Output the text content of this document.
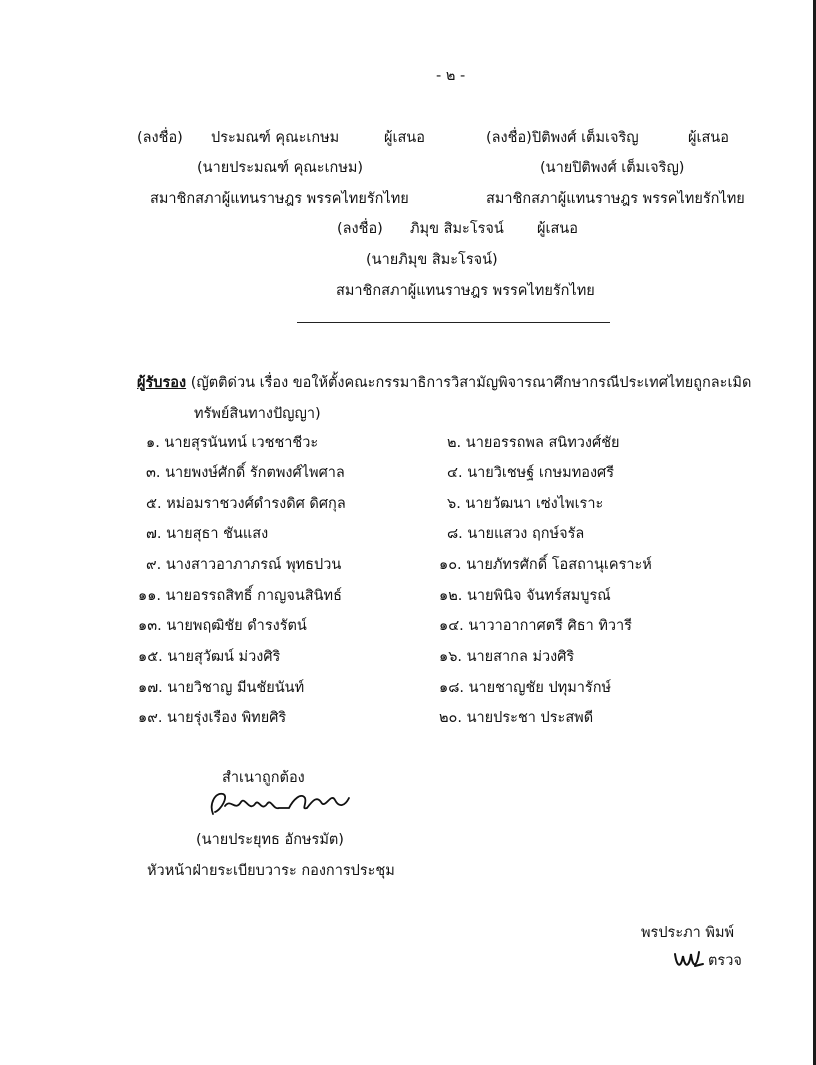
- ๒ -
(ลงชื่อ) ประมณฑ์ คุณะเกษม	ผู้เสนอ
(นายประมณฑ์ คุณะเกษม)
สมาชิกสภาผู้แทนราษฎร พรรคไทยรักไทย
(ลงชื่อ) ปิติพงศ์ เต็มเจริญ	ผู้เสนอ
(นายปิติพงศ์ เต็มเจริญ)
สมาชิกสภาผู้แทนราษฎร พรรคไทยรักไทย
(ลงชื่อ) ภิมุข สิมะโรจน์ ผู้เสนอ
(นายภิมุข สิมะโรจน์)
สมาชิกสภาผู้แทนราษฎร พรรคไทยรักไทย
ผู้รับรอง (ญัตติด่วน เรื่อง ขอให้ตั้งคณะกรรมาธิการวิสามัญพิจารณาศึกษากรณีประเทศไทยถูกละเมิด
ทรัพย์สินทางปัญญา)
๑. นายสุรนันทน์ เวชชาชีวะ	๒. นายอรรถพล สนิทวงศ์ชัย
๓. นายพงษ์ศักดิ์ รักตพงศ์ไพศาล	๔. นายวิเชษฐ์ เกษมทองศรี
๕. หม่อมราชวงศ์ดำรงดิศ ดิศกุล	๖. นายวัฒนา เซ่งไพเราะ
๗. นายสุธา ชันแสง	๘. นายแสวง ฤกษ์จรัล
๙. นางสาวอาภาภรณ์ พุทธปวน	๑๐. นายภัทรศักดิ์ โอสถานุเคราะห์
๑๑. นายอรรถสิทธิ์ กาญจนสินิทธ์	๑๒. นายพินิจ จันทร์สมบูรณ์
๑๓. นายพฤฒิชัย ดำรงรัตน์	๑๔. นาวาอากาศตรี ศิธา ทิวารี
๑๕. นายสุวัฒน์ ม่วงศิริ	๑๖. นายสากล ม่วงศิริ
๑๗. นายวิชาญ มีนชัยนันท์	๑๘. นายชาญชัย ปทุมารักษ์
๑๙. นายรุ่งเรือง พิทยศิริ	๒๐. นายประชา ประสพดี
สำเนาถูกต้อง
(นายประยุทธ อักษรมัต)
หัวหน้าฝ่ายระเบียบวาระ กองการประชุม
พรประภา พิมพ์
ตรวจ
